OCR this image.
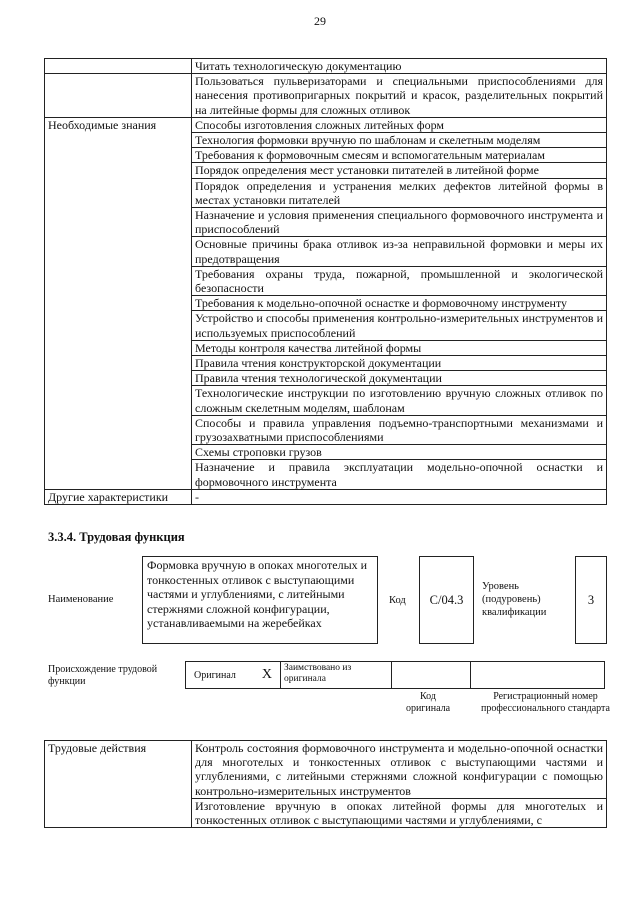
29
	Читать технологическую документацию
	Пользоваться пульверизаторами и специальными приспособлениями для нанесения противопригарных покрытий и красок, разделительных покрытий на литейные формы для сложных отливок
Необходимые знания	Способы изготовления сложных литейных форм
	Технология формовки вручную по шаблонам и скелетным моделям
	Требования к формовочным смесям и вспомогательным материалам
	Порядок определения мест установки питателей в литейной форме
	Порядок определения и устранения мелких дефектов литейной формы в местах установки питателей
	Назначение и условия применения специального формовочного инструмента и приспособлений
	Основные причины брака отливок из-за неправильной формовки и меры их предотвращения
	Требования охраны труда, пожарной, промышленной и экологической безопасности
	Требования к модельно-опочной оснастке и формовочному инструменту
	Устройство и способы применения контрольно-измерительных инструментов и используемых приспособлений
	Методы контроля качества литейной формы
	Правила чтения конструкторской документации
	Правила чтения технологической документации
	Технологические инструкции по изготовлению вручную сложных отливок по сложным скелетным моделям, шаблонам
	Способы и правила управления подъемно-транспортными механизмами и грузозахватными приспособлениями
	Схемы строповки грузов
	Назначение и правила эксплуатации модельно-опочной оснастки и формовочного инструмента
Другие характеристики	-
3.3.4. Трудовая функция
Наименование
Формовка вручную в опоках многотелых и тонкостенных отливок с выступающими частями и углублениями, с литейными стержнями сложной конфигурации, устанавливаемыми на жеребейках
Код	С/04.3
Уровень (подуровень) квалификации
3
Происхождение трудовой функции
Оригинал X	Заимствовано из оригинала
Код оригинала
Регистрационный номер профессионального стандарта
Трудовые действия	Контроль состояния формовочного инструмента и модельно-опочной оснастки для многотелых и тонкостенных отливок с выступающими частями и углублениями, с литейными стержнями сложной конфигурации с помощью контрольно-измерительных инструментов
Изготовление вручную в опоках литейной формы для многотелых и тонкостенных отливок с выступающими частями и углублениями, с
